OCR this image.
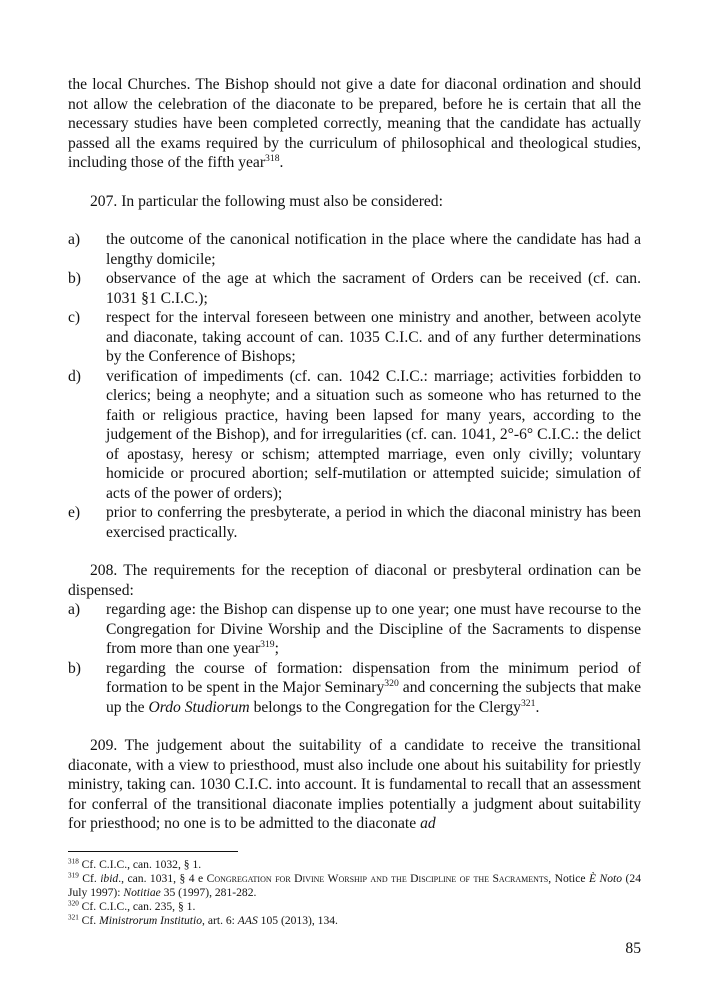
the local Churches. The Bishop should not give a date for diaconal ordination and should not allow the celebration of the diaconate to be prepared, before he is certain that all the necessary studies have been completed correctly, meaning that the candidate has actually passed all the exams required by the curriculum of philosophical and theological studies, including those of the fifth year$^{318}$.

207. In particular the following must also be considered:

a) the outcome of the canonical notification in the place where the candidate has had a lengthy domicile;
b) observance of the age at which the sacrament of Orders can be received (cf. can. 1031 §1 C.I.C.);
c) respect for the interval foreseen between one ministry and another, between acolyte and diaconate, taking account of can. 1035 C.I.C. and of any further determinations by the Conference of Bishops;
d) verification of impediments (cf. can. 1042 C.I.C.: marriage; activities forbidden to clerics; being a neophyte; and a situation such as someone who has returned to the faith or religious practice, having been lapsed for many years, according to the judgement of the Bishop), and for irregularities (cf. can. 1041, 2°-6° C.I.C.: the delict of apostasy, heresy or schism; attempted marriage, even only civilly; voluntary homicide or procured abortion; self-mutilation or attempted suicide; simulation of acts of the power of orders);
e) prior to conferring the presbyterate, a period in which the diaconal ministry has been exercised practically.

208. The requirements for the reception of diaconal or presbyteral ordination can be dispensed:

a) regarding age: the Bishop can dispense up to one year; one must have recourse to the Congregation for Divine Worship and the Discipline of the Sacraments to dispense from more than one year$^{319}$;
b) regarding the course of formation: dispensation from the minimum period of formation to be spent in the Major Seminary$^{320}$ and concerning the subjects that make up the Ordo Studiorum belongs to the Congregation for the Clergy$^{321}$.

209. The judgement about the suitability of a candidate to receive the transitional diaconate, with a view to priesthood, must also include one about his suitability for priestly ministry, taking can. 1030 C.I.C. into account. It is fundamental to recall that an assessment for conferral of the transitional diaconate implies potentially a judgment about suitability for priesthood; no one is to be admitted to the diaconate ad

$^{318}$ Cf. C.I.C., can. 1032, § 1.

$^{319}$ Cf. ibid., can. 1031, § 4 e Congregation for Divine Worship and the Discipline of the Sacraments, Notice È Noto (24 July 1997): Notitiae 35 (1997), 281-282.

$^{320}$ Cf. C.I.C., can. 235, § 1.

$^{321}$ Cf. Ministrorum Institutio, art. 6: AAS 105 (2013), 134.

85
